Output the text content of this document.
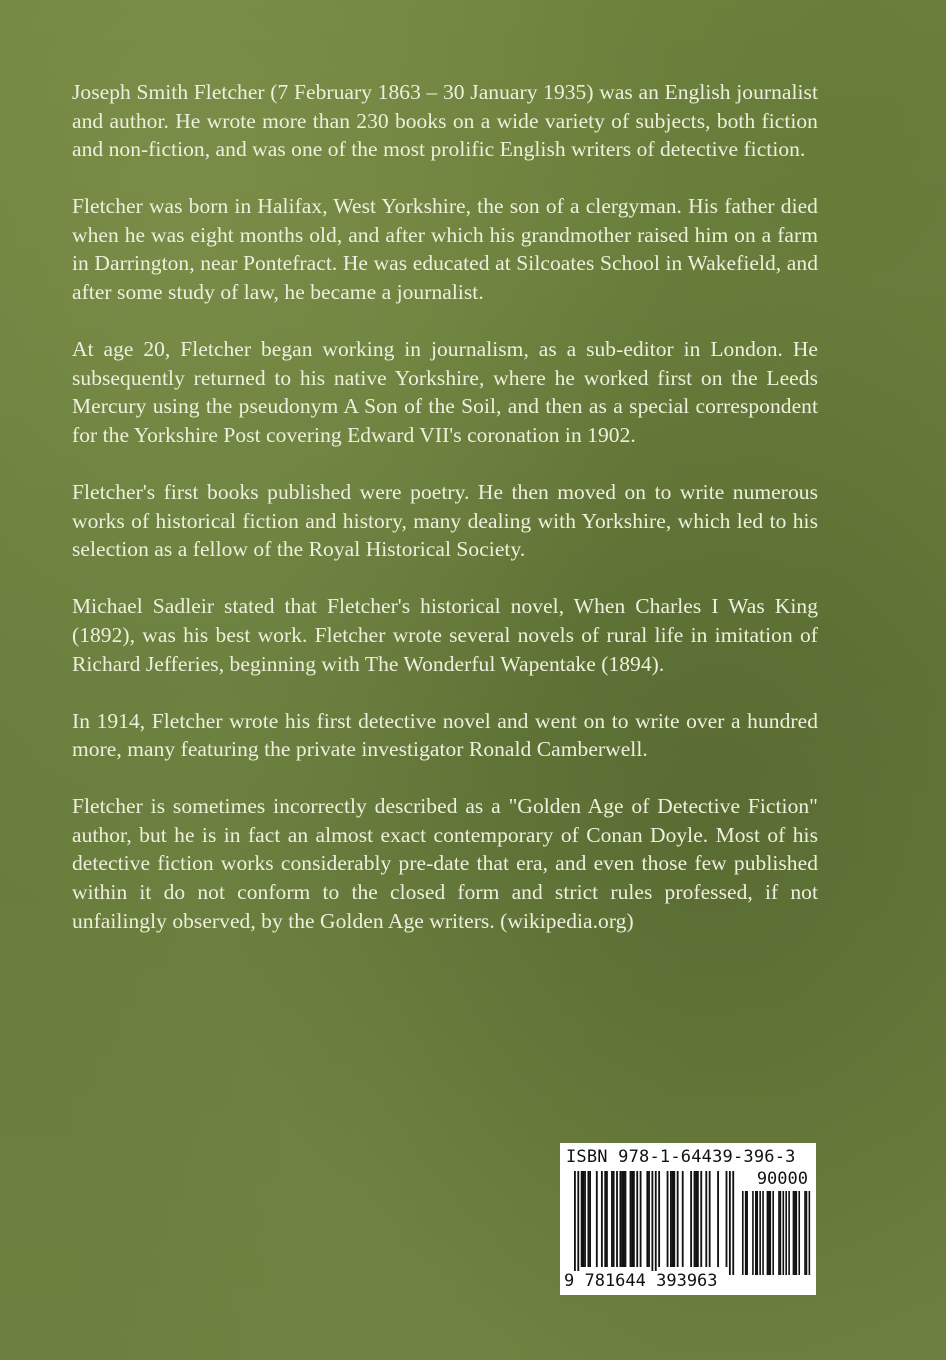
Joseph Smith Fletcher (7 February 1863 – 30 January 1935) was an English journalist and author. He wrote more than 230 books on a wide variety of subjects, both fiction and non-fiction, and was one of the most prolific English writers of detective fiction.

Fletcher was born in Halifax, West Yorkshire, the son of a clergyman. His father died when he was eight months old, and after which his grandmother raised him on a farm in Darrington, near Pontefract. He was educated at Silcoates School in Wakefield, and after some study of law, he became a journalist.

At age 20, Fletcher began working in journalism, as a sub-editor in London. He subsequently returned to his native Yorkshire, where he worked first on the Leeds Mercury using the pseudonym A Son of the Soil, and then as a special correspondent for the Yorkshire Post covering Edward VII's coronation in 1902.

Fletcher's first books published were poetry. He then moved on to write numerous works of historical fiction and history, many dealing with Yorkshire, which led to his selection as a fellow of the Royal Historical Society.

Michael Sadleir stated that Fletcher's historical novel, When Charles I Was King (1892), was his best work. Fletcher wrote several novels of rural life in imitation of Richard Jefferies, beginning with The Wonderful Wapentake (1894).

In 1914, Fletcher wrote his first detective novel and went on to write over a hundred more, many featuring the private investigator Ronald Camberwell.

Fletcher is sometimes incorrectly described as a "Golden Age of Detective Fiction" author, but he is in fact an almost exact contemporary of Conan Doyle. Most of his detective fiction works considerably pre-date that era, and even those few published within it do not conform to the closed form and strict rules professed, if not unfailingly observed, by the Golden Age writers. (wikipedia.org)

ISBN 978-1-64439-396-3
90000
9 781644 393963
